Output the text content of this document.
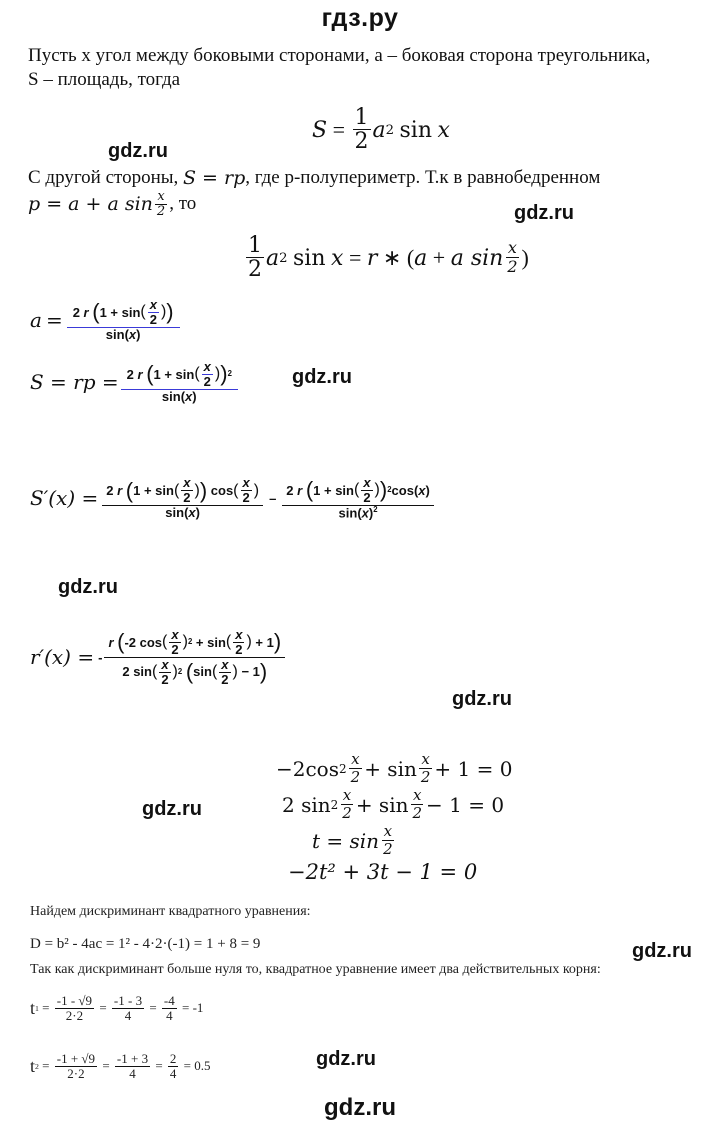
гдз.ру
Пусть x угол между боковыми сторонами, a – боковая сторона треугольника,
S – площадь, тогда
$S = \frac{1}{2}$ a 2
sin
x
gdz.ru
С другой стороны,
S = rp , где р-полупериметр. Т.к в равнобедренном
p = a + a $\sin \frac{x}{2}$ , то	gdz.ru
$\frac{1}{2}$ a 2
sin
x = r ∗ ( a + a $\sin \frac{x}{2}$ )
a
= 2 r
( 1 + sin ( $\frac{x}{2}$ ) )
sin(x)
S = rp = 2 r
( 1 + sin ( $\frac{x}{2}$ ) ) 2
sin(x)	gdz.ru
S′(x) = 2 r
( 1 + sin ( $\frac{x}{2}$ ) ) cos ( $\frac{x}{2}$ )
sin(x) – 2 r
( 1 + sin ( $\frac{x}{2}$ ) ) 2 cos( x )
$\sin(x)^2$
gdz.ru
r′(x) =
- r
( -2 cos ( $\frac{x}{2}$ ) 2 + sin ( $\frac{x}{2}$ ) + 1 )
2 sin ( $\frac{x}{2}$ ) 2
( sin ( $\frac{x}{2}$ ) − 1 )
gdz.ru
−2cos $2 \frac{x}{2} + \sin \frac{x}{2} + 1 = 0$
2 $\sin 2 \frac{x}{2} + \sin \frac{x}{2} - 1 = 0$
gdz.ru
$t = \sin \frac{x}{2}$
−2t² + 3t − 1 = 0
Найдем дискриминант квадратного уравнения:
D = b² - 4ac = 1² - 4·2·(-1) = 1 + 8 = 9	gdz.ru
Так как дискриминант больше нуля то, квадратное уравнение имеет два действительных корня:
t $1 = \frac{-1 - √9}{2\cdot 2} = \frac{-1 - 3}{4} = \frac{-4}{4}$
= -1
t $2 = \frac{-1 + √9}{2\cdot 2} = \frac{-1 + 3}{4} = \frac{2}{4}$
= 0.5	gdz.ru
gdz.ru
